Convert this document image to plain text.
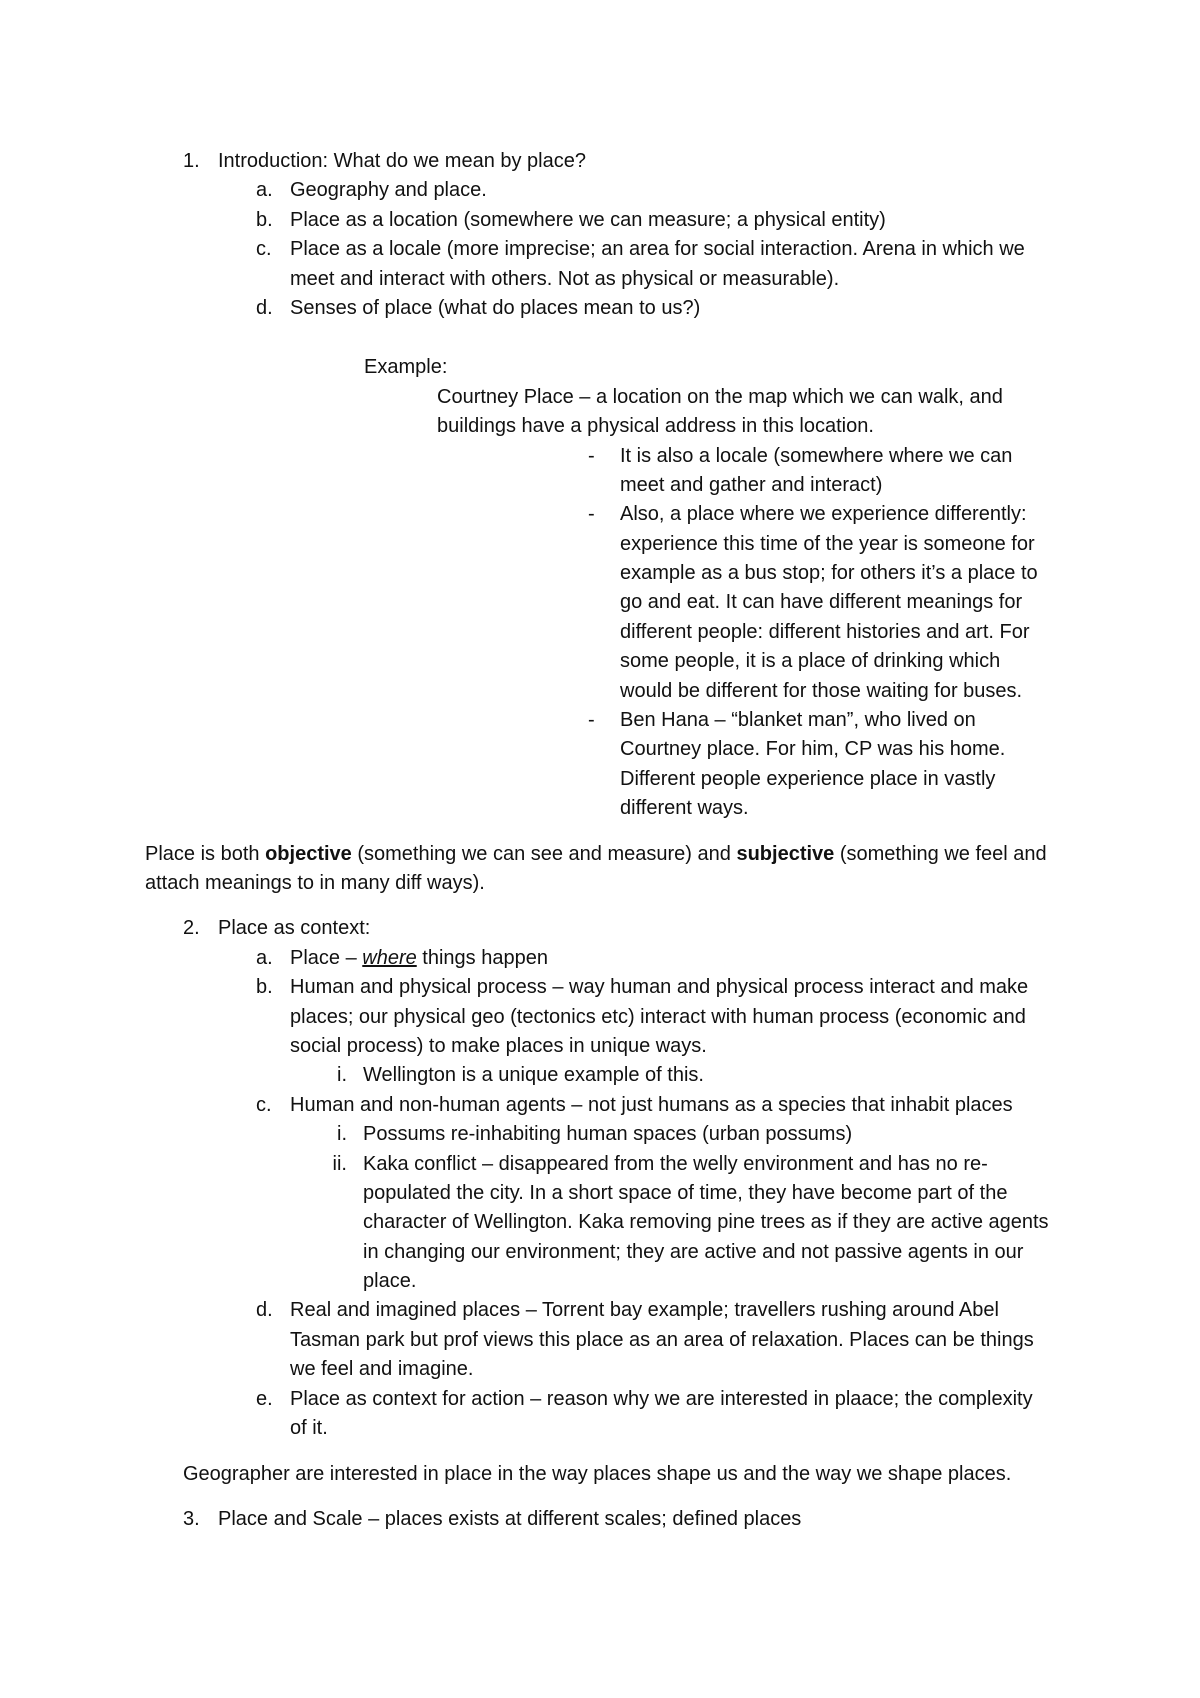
1. Introduction: What do we mean by place?
a. Geography and place.
b. Place as a location (somewhere we can measure; a physical entity)
c. Place as a locale (more imprecise; an area for social interaction. Arena in which we
meet and interact with others. Not as physical or measurable).
d. Senses of place (what do places mean to us?)
Example:
Courtney Place – a location on the map which we can walk, and
buildings have a physical address in this location.
- It is also a locale (somewhere where we can
meet and gather and interact)
- Also, a place where we experience differently:
experience this time of the year is someone for
example as a bus stop; for others it’s a place to
go and eat. It can have different meanings for
different people: different histories and art. For
some people, it is a place of drinking which
would be different for those waiting for buses.
- Ben Hana – “blanket man”, who lived on
Courtney place. For him, CP was his home.
Different people experience place in vastly
different ways.
Place is both objective (something we can see and measure) and subjective (something we feel and
attach meanings to in many diff ways).
2. Place as context:
a. Place – where things happen
b. Human and physical process – way human and physical process interact and make
places; our physical geo (tectonics etc) interact with human process (economic and
social process) to make places in unique ways.
i. Wellington is a unique example of this.
c. Human and non-human agents – not just humans as a species that inhabit places
i. Possums re-inhabiting human spaces (urban possums)
ii. Kaka conflict – disappeared from the welly environment and has no re-
populated the city. In a short space of time, they have become part of the
character of Wellington. Kaka removing pine trees as if they are active agents
in changing our environment; they are active and not passive agents in our
place.
d. Real and imagined places – Torrent bay example; travellers rushing around Abel
Tasman park but prof views this place as an area of relaxation. Places can be things
we feel and imagine.
e. Place as context for action – reason why we are interested in plaace; the complexity
of it.
Geographer are interested in place in the way places shape us and the way we shape places.
3. Place and Scale – places exists at different scales; defined places
